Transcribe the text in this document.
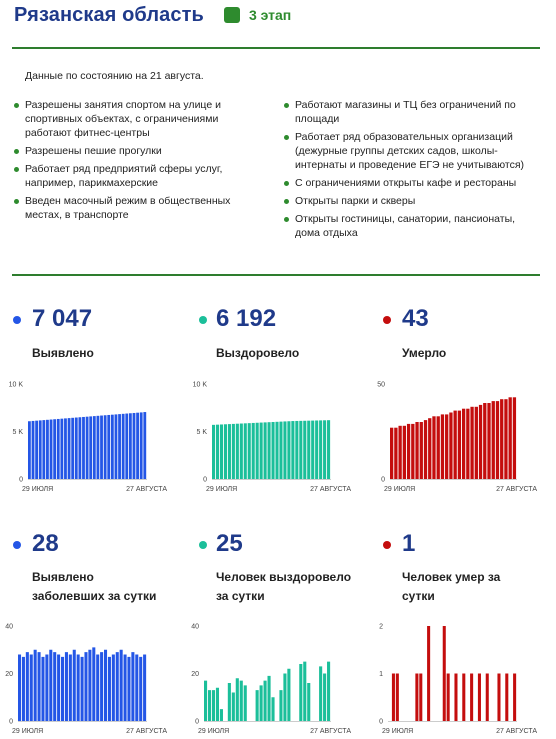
Рязанская область	3 этап
Данные по состоянию на 21 августа.
Разрешены занятия спортом на улице и спортивных объектах, с ограничениями работают фитнес-центры
Разрешены пешие прогулки
Работает ряд предприятий сферы услуг, например, парикмахерские
Введен масочный режим в общественных местах, в транспорте
Работают магазины и ТЦ без ограничений по площади
Работает ряд образовательных организаций (дежурные группы детских садов, школы-интернаты и проведение ЕГЭ не учитываются)
С ограничениями открыты кафе и рестораны
Открыты парки и скверы
Открыты гостиницы, санатории, пансионаты, дома отдыха
7 047
Выявлено
6 192
Выздоровело
43
Умерло
0
5 K
10 K
29 ИЮЛЯ	27 АВГУСТА
0
5 K
10 K
29 ИЮЛЯ	27 АВГУСТА
0
50
29 ИЮЛЯ	27 АВГУСТА
28
Выявлено заболевших за сутки
25
Человек выздоровело за сутки
1
Человек умер за сутки
0
20
40
29 ИЮЛЯ	27 АВГУСТА
0
20
40
29 ИЮЛЯ	27 АВГУСТА
0
1
2
29 ИЮЛЯ	27 АВГУСТА
